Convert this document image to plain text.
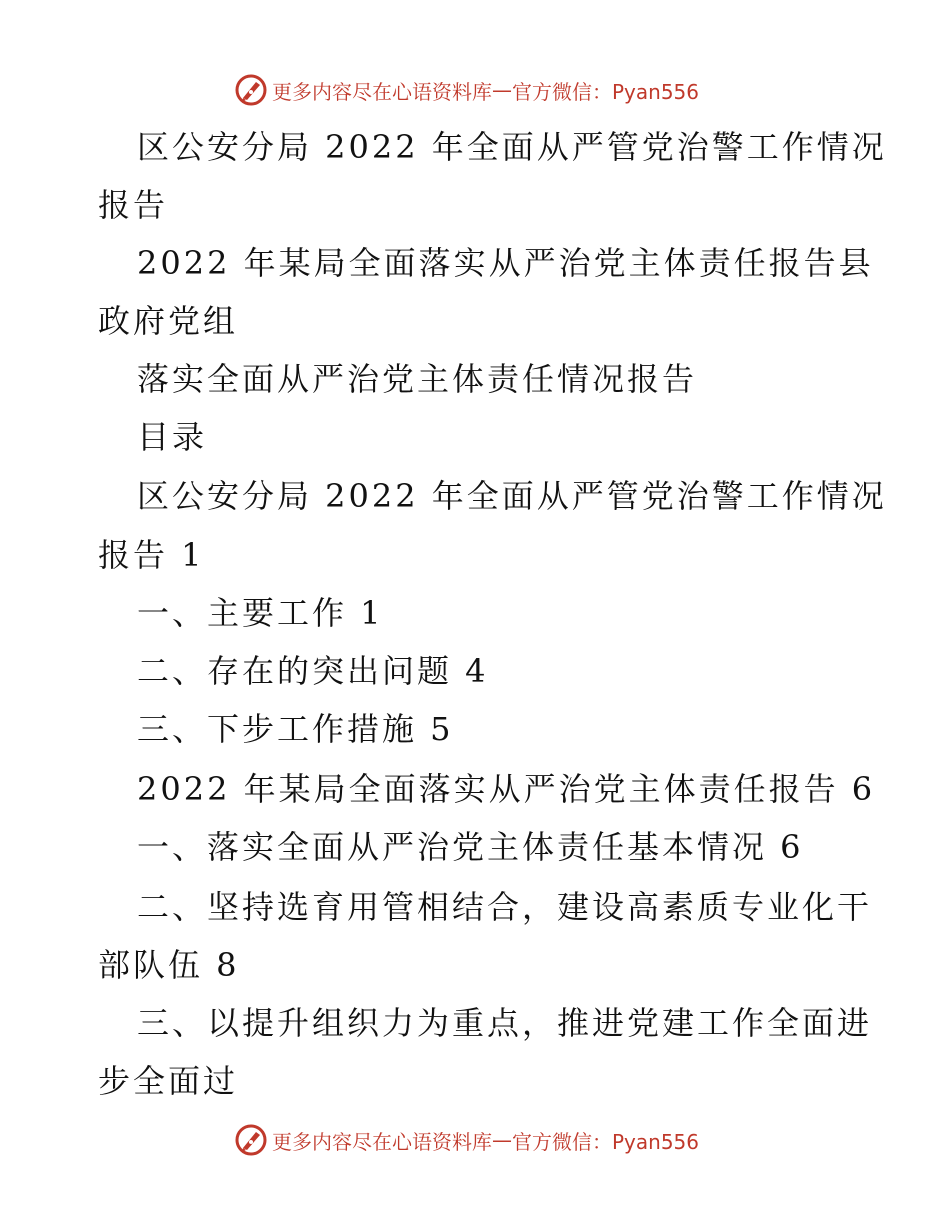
更多内容尽在心语资料库 — 官方微信：Pyan556
区公安分局 2022 年全面从严管党治警工作情况
报告
2022 年某局全面落实从严治党主体责任报告县
政府党组
落实全面从严治党主体责任情况报告
目录
区公安分局 2022 年全面从严管党治警工作情况
报告 1
一、主要工作 1
二、存在的突出问题 4
三、下步工作措施 5
2022 年某局全面落实从严治党主体责任报告 6
一、落实全面从严治党主体责任基本情况 6
二、坚持选育用管相结合，建设高素质专业化干
部队伍 8
三、以提升组织力为重点，推进党建工作全面进
步全面过
更多内容尽在心语资料库 — 官方微信：Pyan556
